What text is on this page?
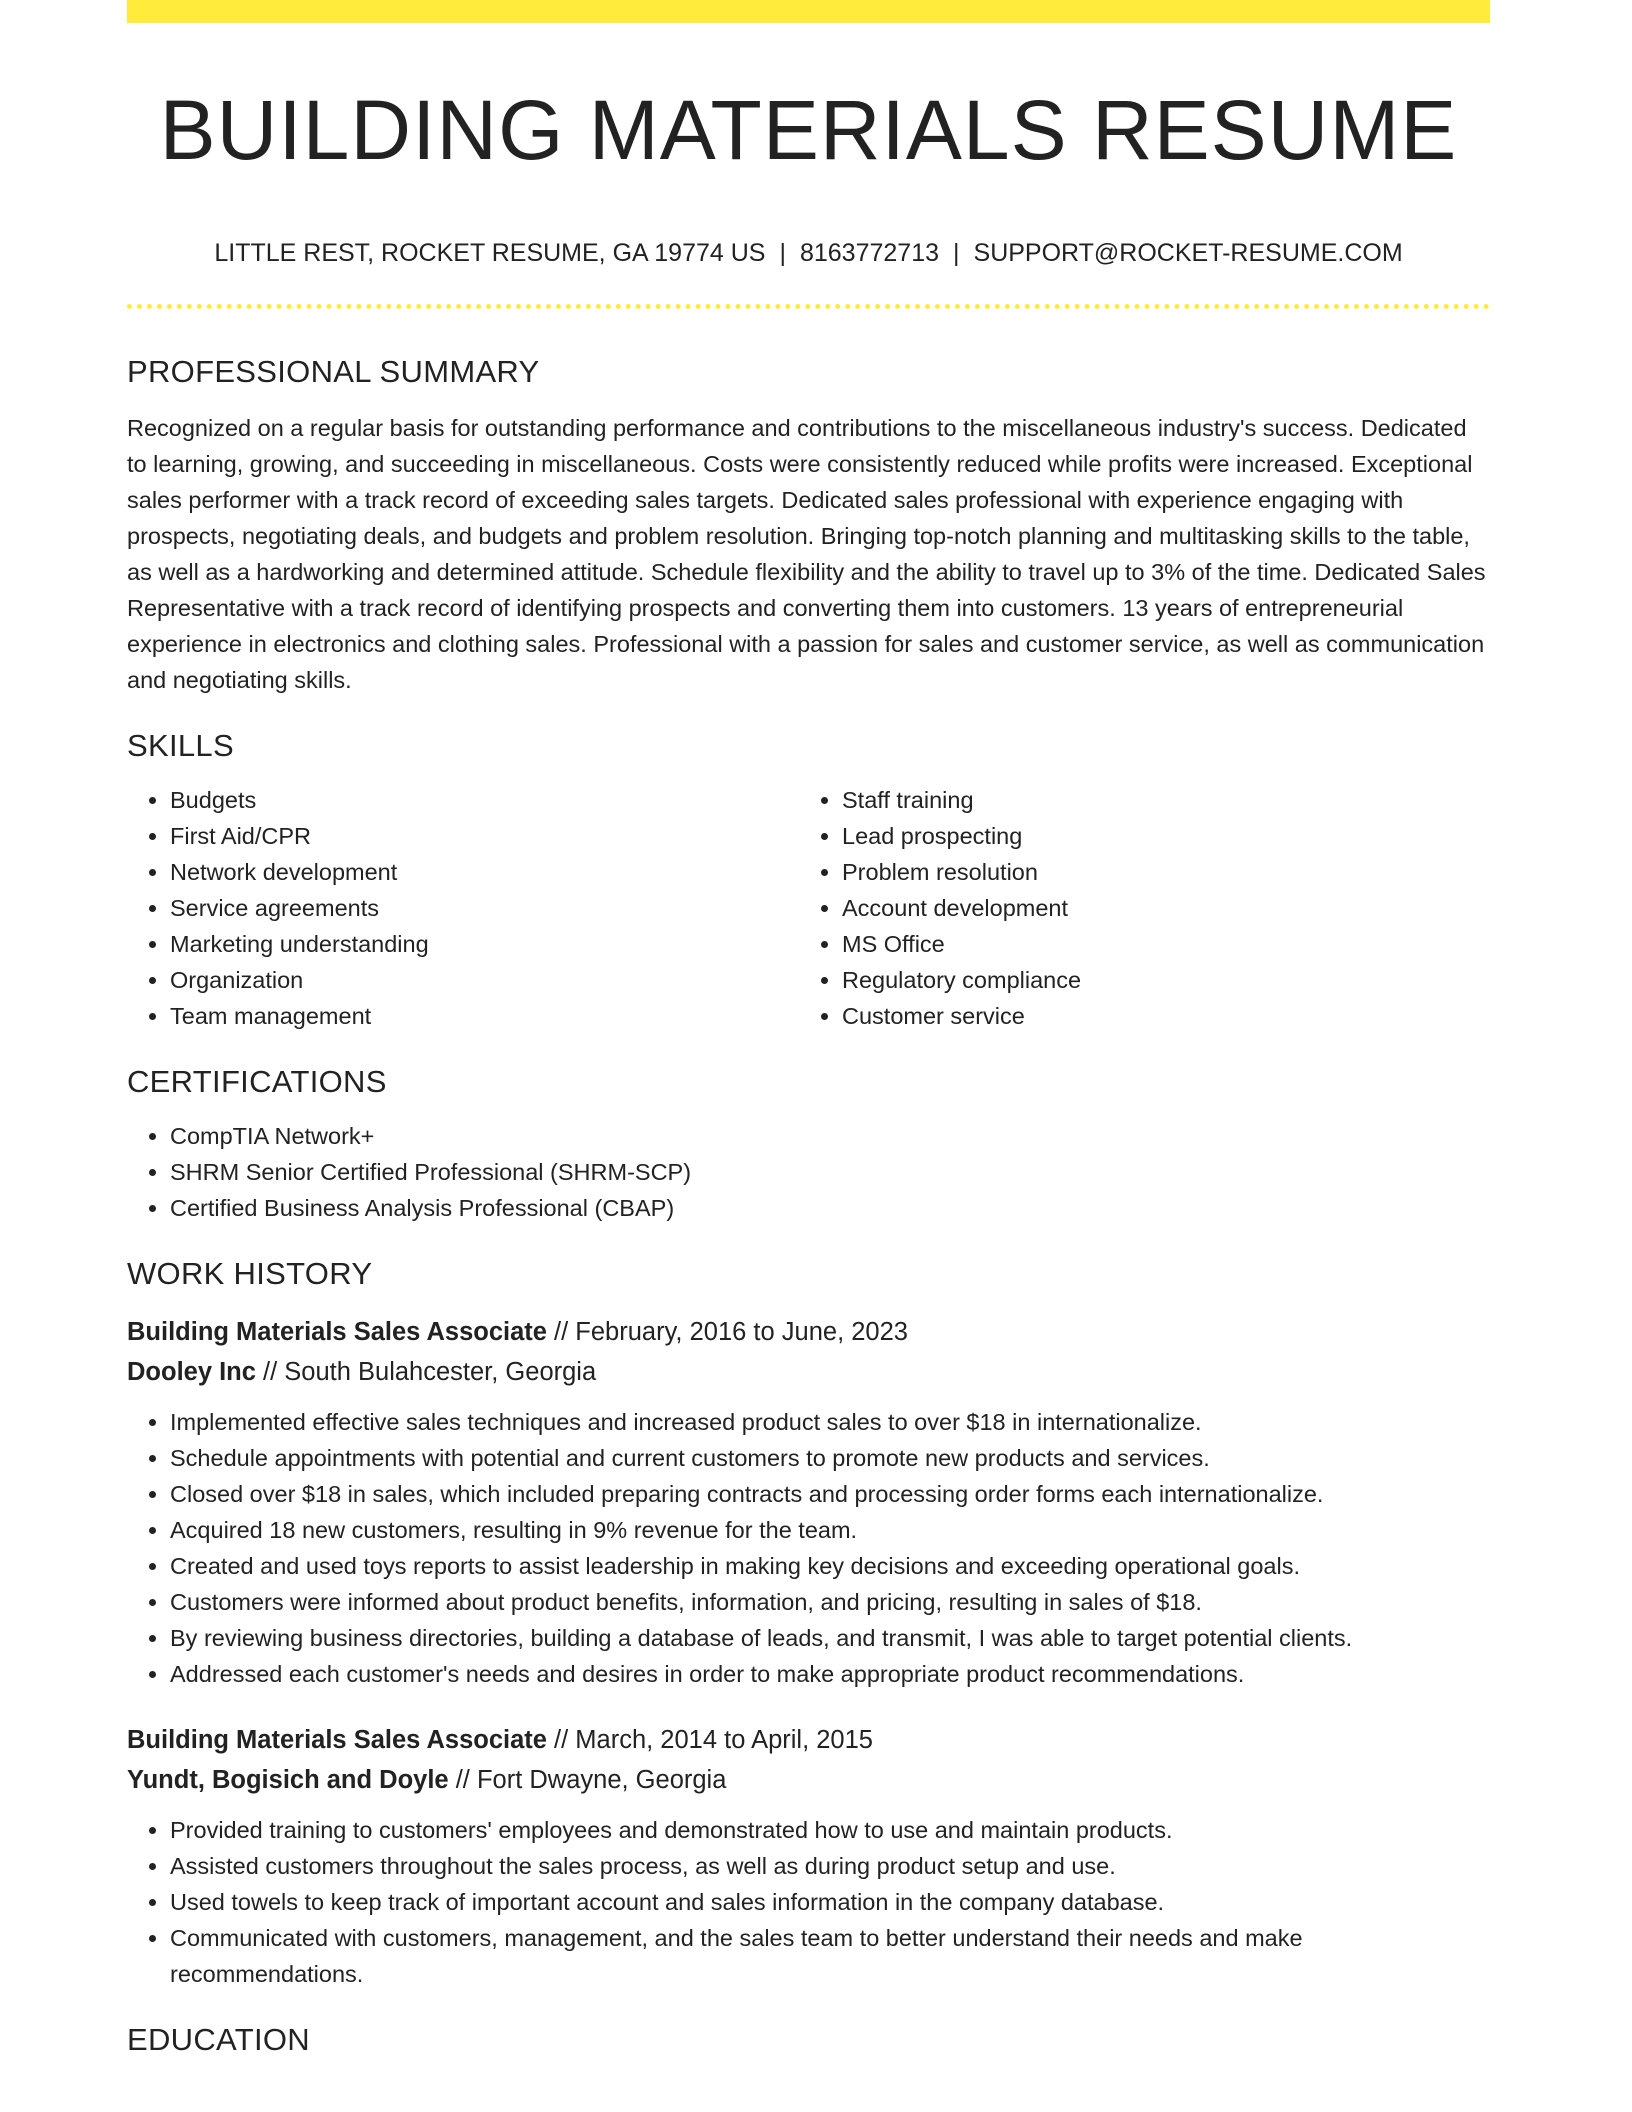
BUILDING MATERIALS RESUME
LITTLE REST, ROCKET RESUME, GA 19774 US | 8163772713 | SUPPORT@ROCKET-RESUME.COM
PROFESSIONAL SUMMARY

Recognized on a regular basis for outstanding performance and contributions to the miscellaneous industry's success. Dedicated to learning, growing, and succeeding in miscellaneous. Costs were consistently reduced while profits were increased. Exceptional sales performer with a track record of exceeding sales targets. Dedicated sales professional with experience engaging with prospects, negotiating deals, and budgets and problem resolution. Bringing top-notch planning and multitasking skills to the table, as well as a hardworking and determined attitude. Schedule flexibility and the ability to travel up to 3% of the time. Dedicated Sales Representative with a track record of identifying prospects and converting them into customers. 13 years of entrepreneurial experience in electronics and clothing sales. Professional with a passion for sales and customer service, as well as communication and negotiating skills.

SKILLS
• Budgets
• First Aid/CPR
• Network development
• Service agreements
• Marketing understanding
• Organization
• Team management
• Staff training
• Lead prospecting
• Problem resolution
• Account development
• MS Office
• Regulatory compliance
• Customer service
CERTIFICATIONS
• CompTIA Network+
• SHRM Senior Certified Professional (SHRM-SCP)
• Certified Business Analysis Professional (CBAP)
WORK HISTORY
Building Materials Sales Associate // February, 2016 to June, 2023
Dooley Inc // South Bulahcester, Georgia
• Implemented effective sales techniques and increased product sales to over $18 in internationalize.
• Schedule appointments with potential and current customers to promote new products and services.
• Closed over $18 in sales, which included preparing contracts and processing order forms each internationalize.
• Acquired 18 new customers, resulting in 9% revenue for the team.
• Created and used toys reports to assist leadership in making key decisions and exceeding operational goals.
• Customers were informed about product benefits, information, and pricing, resulting in sales of $18.
• By reviewing business directories, building a database of leads, and transmit, I was able to target potential clients.
• Addressed each customer's needs and desires in order to make appropriate product recommendations.
Building Materials Sales Associate // March, 2014 to April, 2015
Yundt, Bogisich and Doyle // Fort Dwayne, Georgia
• Provided training to customers' employees and demonstrated how to use and maintain products.
• Assisted customers throughout the sales process, as well as during product setup and use.
• Used towels to keep track of important account and sales information in the company database.
• Communicated with customers, management, and the sales team to better understand their needs and make recommendations.
EDUCATION
